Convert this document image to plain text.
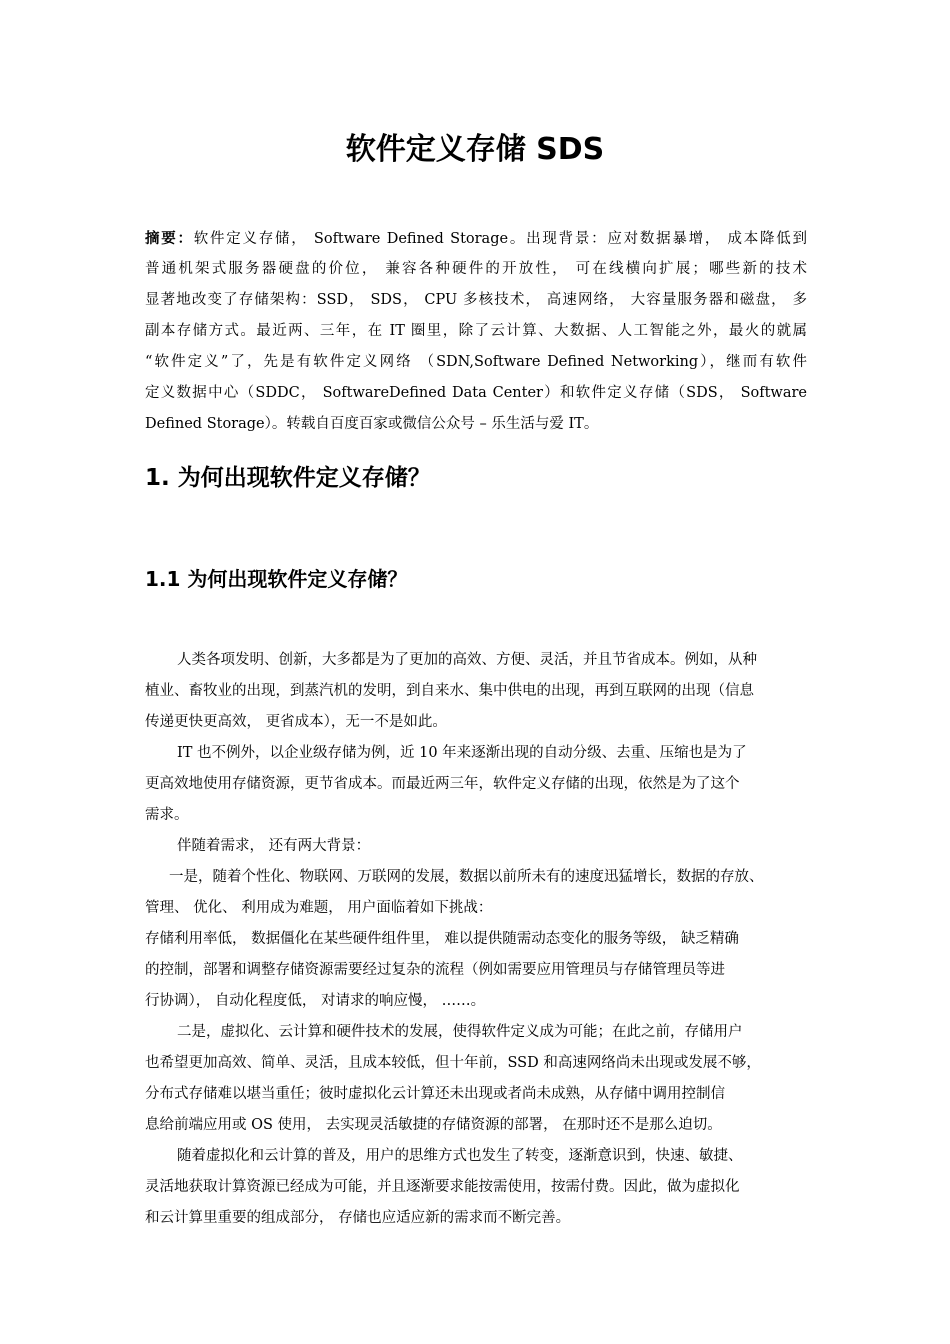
软件定义存储 SDS
摘要：软件定义存储， Software Defined Storage。出现背景：应对数据暴增， 成本降低到
普通机架式服务器硬盘的价位， 兼容各种硬件的开放性， 可在线横向扩展；哪些新的技术
显著地改变了存储架构：SSD， SDS， CPU 多核技术， 高速网络， 大容量服务器和磁盘， 多
副本存储方式。最近两、三年，在 IT 圈里，除了云计算、大数据、人工智能之外，最火的就属
“软件定义”了，先是有软件定义网络 （SDN,Software Defined Networking），继而有软件
定义数据中心（SDDC， SoftwareDefined Data Center）和软件定义存储（SDS， Software
Defined Storage）。转载自百度百家或微信公众号 – 乐生活与爱 IT。
1. 为何出现软件定义存储？
1.1 为何出现软件定义存储？
人类各项发明、创新，大多都是为了更加的高效、方便、灵活，并且节省成本。例如，从种
植业、畜牧业的出现，到蒸汽机的发明，到自来水、集中供电的出现，再到互联网的出现（信息
传递更快更高效， 更省成本），无一不是如此。
IT 也不例外，以企业级存储为例，近 10 年来逐渐出现的自动分级、去重、压缩也是为了
更高效地使用存储资源，更节省成本。而最近两三年，软件定义存储的出现，依然是为了这个
需求。
伴随着需求， 还有两大背景：
一是，随着个性化、物联网、万联网的发展，数据以前所未有的速度迅猛增长，数据的存放、
管理、 优化、 利用成为难题， 用户面临着如下挑战：
存储利用率低， 数据僵化在某些硬件组件里， 难以提供随需动态变化的服务等级， 缺乏精确
的控制，部署和调整存储资源需要经过复杂的流程（例如需要应用管理员与存储管理员等进
行协调）， 自动化程度低， 对请求的响应慢， ……。
二是，虚拟化、云计算和硬件技术的发展，使得软件定义成为可能；在此之前，存储用户
也希望更加高效、简单、灵活，且成本较低，但十年前，SSD 和高速网络尚未出现或发展不够，
分布式存储难以堪当重任；彼时虚拟化云计算还未出现或者尚未成熟，从存储中调用控制信
息给前端应用或 OS 使用， 去实现灵活敏捷的存储资源的部署， 在那时还不是那么迫切。
随着虚拟化和云计算的普及，用户的思维方式也发生了转变，逐渐意识到，快速、敏捷、
灵活地获取计算资源已经成为可能，并且逐渐要求能按需使用，按需付费。因此，做为虚拟化
和云计算里重要的组成部分， 存储也应适应新的需求而不断完善。
